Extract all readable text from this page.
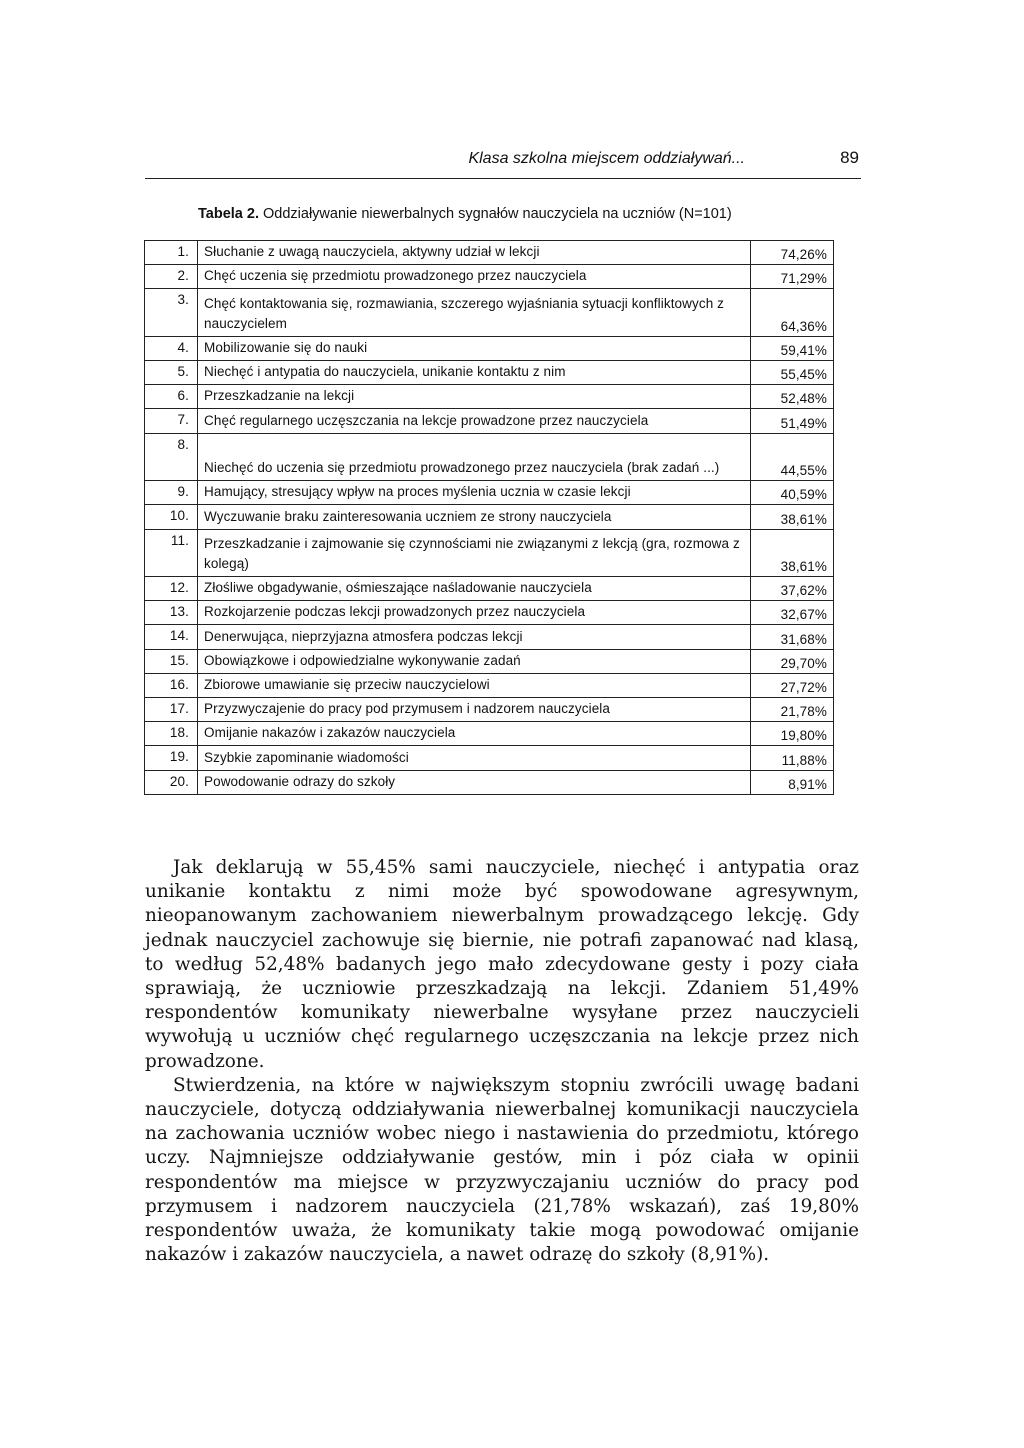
Klasa szkolna miejscem oddziaływań...	89
Tabela 2. Oddziaływanie niewerbalnych sygnałów nauczyciela na uczniów (N=101)
1.	Słuchanie z uwagą nauczyciela, aktywny udział w lekcji	74,26%
2.	Chęć uczenia się przedmiotu prowadzonego przez nauczyciela	71,29%
3.	Chęć kontaktowania się, rozmawiania, szczerego wyjaśniania sytuacji konfliktowych z nauczycielem	64,36%
4.	Mobilizowanie się do nauki	59,41%
5.	Niechęć i antypatia do nauczyciela, unikanie kontaktu z nim	55,45%
6.	Przeszkadzanie na lekcji	52,48%
7.	Chęć regularnego uczęszczania na lekcje prowadzone przez nauczyciela	51,49%
8.	Niechęć do uczenia się przedmiotu prowadzonego przez nauczyciela (brak zadań ...)	44,55%
9.	Hamujący, stresujący wpływ na proces myślenia ucznia w czasie lekcji	40,59%
10.	Wyczuwanie braku zainteresowania uczniem ze strony nauczyciela	38,61%
11.	Przeszkadzanie i zajmowanie się czynnościami nie związanymi z lekcją (gra, rozmowa z kolegą)	38,61%
12.	Złośliwe obgadywanie, ośmieszające naśladowanie nauczyciela	37,62%
13.	Rozkojarzenie podczas lekcji prowadzonych przez nauczyciela	32,67%
14.	Denerwująca, nieprzyjazna atmosfera podczas lekcji	31,68%
15.	Obowiązkowe i odpowiedzialne wykonywanie zadań	29,70%
16.	Zbiorowe umawianie się przeciw nauczycielowi	27,72%
17.	Przyzwyczajenie do pracy pod przymusem i nadzorem nauczyciela	21,78%
18.	Omijanie nakazów i zakazów nauczyciela	19,80%
19.	Szybkie zapominanie wiadomości	11,88%
20.	Powodowanie odrazy do szkoły	8,91%

Jak deklarują w 55,45% sami nauczyciele, niechęć i antypatia oraz unikanie kontaktu z nimi może być spowodowane agresywnym, nieopanowanym zachowaniem niewerbalnym prowadzącego lekcję. Gdy jednak nauczyciel zachowuje się biernie, nie potrafi zapanować nad klasą, to według 52,48% badanych jego mało zdecydowane gesty i pozy ciała sprawiają, że uczniowie przeszkadzają na lekcji. Zdaniem 51,49% respondentów komunikaty niewerbalne wysyłane przez nauczycieli wywołują u uczniów chęć regularnego uczęszczania na lekcje przez nich prowadzone.

Stwierdzenia, na które w największym stopniu zwrócili uwagę badani nauczyciele, dotyczą oddziaływania niewerbalnej komunikacji nauczyciela na zachowania uczniów wobec niego i nastawienia do przedmiotu, którego uczy. Najmniejsze oddziaływanie gestów, min i póz ciała w opinii respondentów ma miejsce w przyzwyczajaniu uczniów do pracy pod przymusem i nadzorem nauczyciela (21,78% wskazań), zaś 19,80% respondentów uważa, że komunikaty takie mogą powodować omijanie nakazów i zakazów nauczyciela, a nawet odrazę do szkoły (8,91%).
